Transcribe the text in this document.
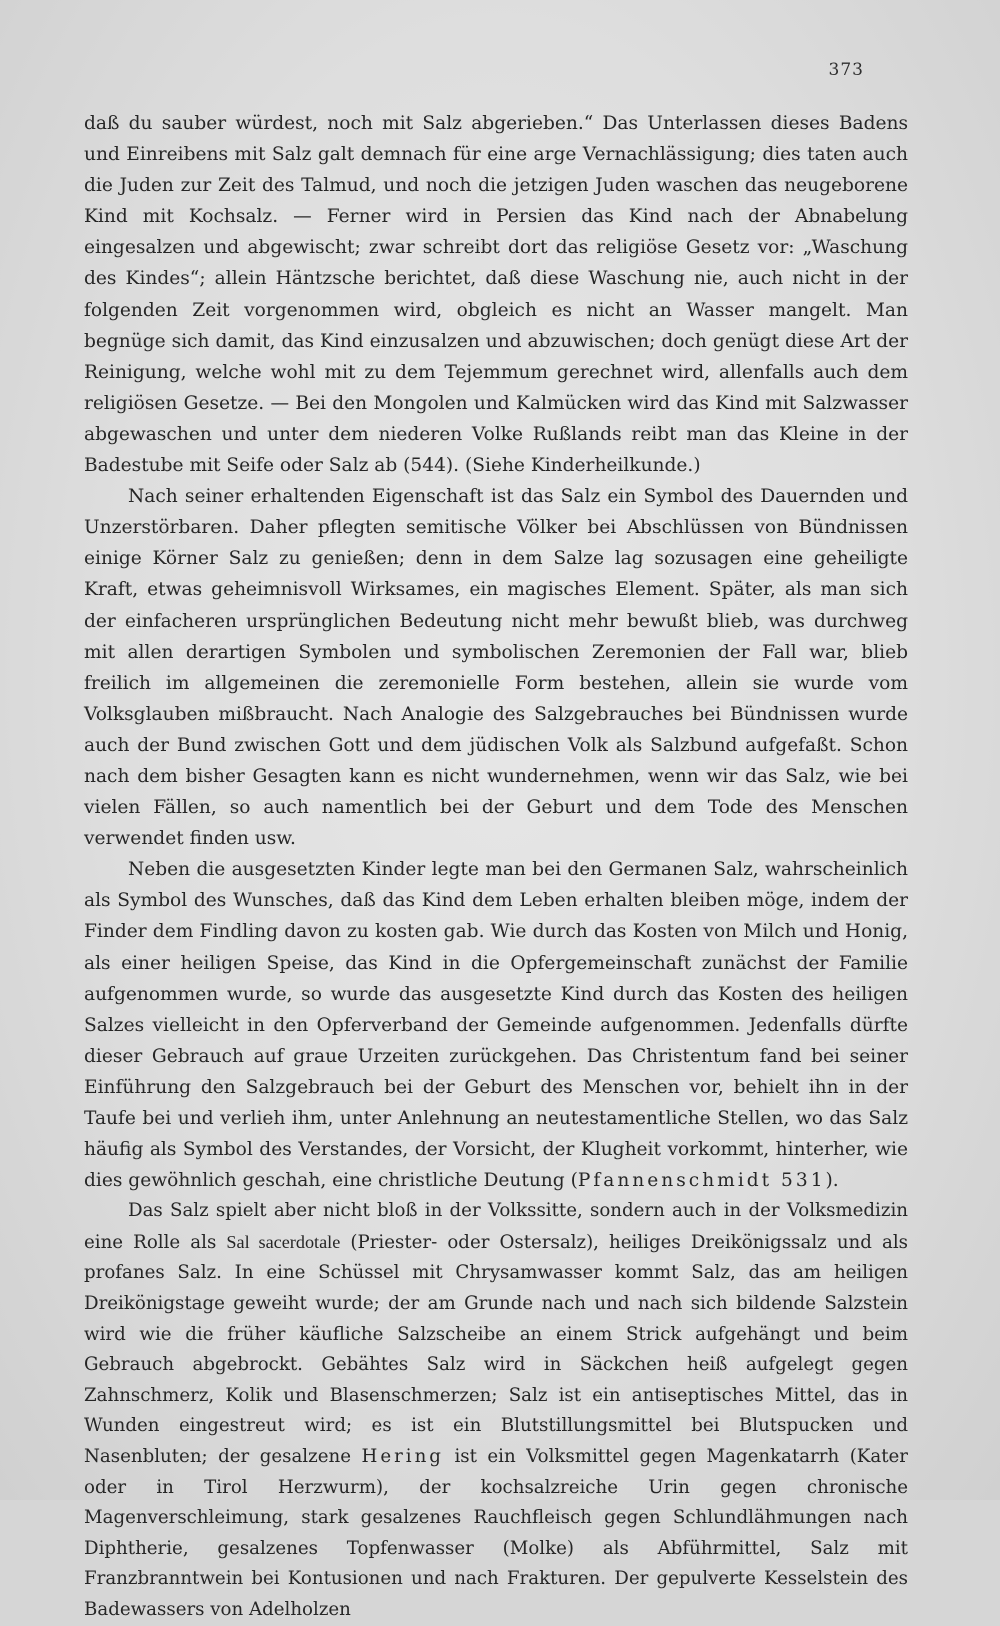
373

daß du sauber würdest, noch mit Salz abgerieben.“ Das Unterlassen dieses Badens und Einreibens mit Salz galt demnach für eine arge Vernachlässigung; dies taten auch die Juden zur Zeit des Talmud, und noch die jetzigen Juden waschen das neugeborene Kind mit Kochsalz. — Ferner wird in Persien das Kind nach der Abnabelung eingesalzen und abgewischt; zwar schreibt dort das religiöse Gesetz vor: „Waschung des Kindes“; allein Häntzsche berichtet, daß diese Waschung nie, auch nicht in der folgenden Zeit vorgenommen wird, obgleich es nicht an Wasser mangelt. Man begnüge sich damit, das Kind einzusalzen und abzuwischen; doch genügt diese Art der Reinigung, welche wohl mit zu dem Tejemmum gerechnet wird, allenfalls auch dem religiösen Gesetze. — Bei den Mongolen und Kalmücken wird das Kind mit Salzwasser abgewaschen und unter dem niederen Volke Rußlands reibt man das Kleine in der Badestube mit Seife oder Salz ab (544). (Siehe Kinderheilkunde.)

Nach seiner erhaltenden Eigenschaft ist das Salz ein Symbol des Dauernden und Unzerstörbaren. Daher pflegten semitische Völker bei Abschlüssen von Bündnissen einige Körner Salz zu genießen; denn in dem Salze lag sozusagen eine geheiligte Kraft, etwas geheimnisvoll Wirksames, ein magisches Element. Später, als man sich der einfacheren ursprünglichen Bedeutung nicht mehr bewußt blieb, was durchweg mit allen derartigen Symbolen und symbolischen Zeremonien der Fall war, blieb freilich im allgemeinen die zeremonielle Form bestehen, allein sie wurde vom Volksglauben mißbraucht. Nach Analogie des Salzgebrauches bei Bündnissen wurde auch der Bund zwischen Gott und dem jüdischen Volk als Salzbund aufgefaßt. Schon nach dem bisher Gesagten kann es nicht wundernehmen, wenn wir das Salz, wie bei vielen Fällen, so auch namentlich bei der Geburt und dem Tode des Menschen verwendet finden usw.

Neben die ausgesetzten Kinder legte man bei den Germanen Salz, wahrscheinlich als Symbol des Wunsches, daß das Kind dem Leben erhalten bleiben möge, indem der Finder dem Findling davon zu kosten gab. Wie durch das Kosten von Milch und Honig, als einer heiligen Speise, das Kind in die Opfergemeinschaft zunächst der Familie aufgenommen wurde, so wurde das ausgesetzte Kind durch das Kosten des heiligen Salzes vielleicht in den Opferverband der Gemeinde aufgenommen. Jedenfalls dürfte dieser Gebrauch auf graue Urzeiten zurückgehen. Das Christentum fand bei seiner Einführung den Salzgebrauch bei der Geburt des Menschen vor, behielt ihn in der Taufe bei und verlieh ihm, unter Anlehnung an neutestamentliche Stellen, wo das Salz häufig als Symbol des Verstandes, der Vorsicht, der Klugheit vorkommt, hinterher, wie dies gewöhnlich geschah, eine christliche Deutung (Pfannenschmidt 531).

Das Salz spielt aber nicht bloß in der Volkssitte, sondern auch in der Volksmedizin eine Rolle als Sal sacerdotale (Priester- oder Ostersalz), heiliges Dreikönigssalz und als profanes Salz. In eine Schüssel mit Chrysamwasser kommt Salz, das am heiligen Dreikönigstage geweiht wurde; der am Grunde nach und nach sich bildende Salzstein wird wie die früher käufliche Salzscheibe an einem Strick aufgehängt und beim Gebrauch abgebrockt. Gebähtes Salz wird in Säckchen heiß aufgelegt gegen Zahnschmerz, Kolik und Blasenschmerzen; Salz ist ein antiseptisches Mittel, das in Wunden eingestreut wird; es ist ein Blutstillungsmittel bei Blutspucken und Nasenbluten; der gesalzene Hering ist ein Volksmittel gegen Magenkatarrh (Kater oder in Tirol Herzwurm), der kochsalzreiche Urin gegen chronische Magenverschleimung, stark gesalzenes Rauchfleisch gegen Schlundlähmungen nach Diphtherie, gesalzenes Topfenwasser (Molke) als Abführmittel, Salz mit Franzbranntwein bei Kontusionen und nach Frakturen. Der gepulverte Kesselstein des Badewassers von Adelholzen
